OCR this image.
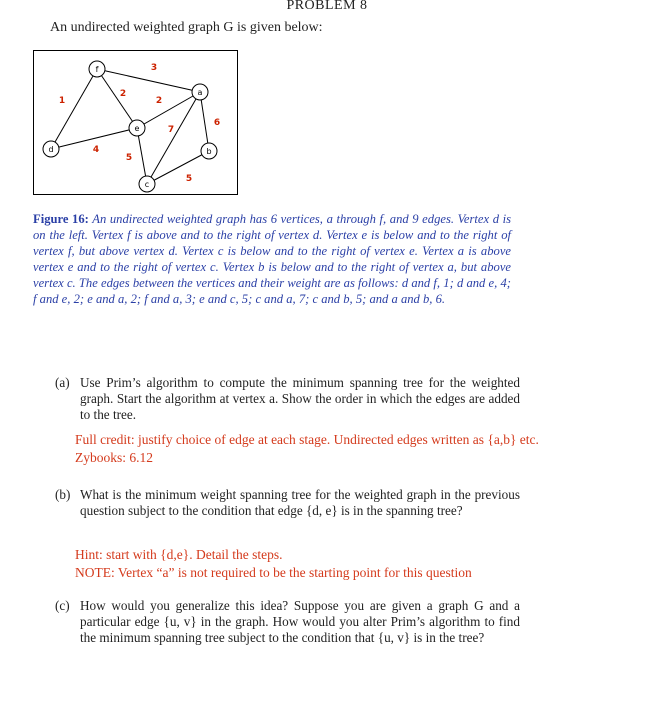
PROBLEM 8
An undirected weighted graph G is given below:
1
4
2
2
3
5
7
5
6
f
a
e
d	b
c
Figure 16: An undirected weighted graph has 6 vertices, a through f, and 9 edges. Vertex d is on the left. Vertex f is above and to the right of vertex d. Vertex e is below and to the right of vertex f, but above vertex d. Vertex c is below and to the right of vertex e. Vertex a is above vertex e and to the right of vertex c. Vertex b is below and to the right of vertex a, but above vertex c. The edges between the vertices and their weight are as follows: d and f, 1; d and e, 4; f and e, 2; e and a, 2; f and a, 3; e and c, 5; c and a, 7; c and b, 5; and a and b, 6.
(a) Use Prim’s algorithm to compute the minimum spanning tree for the weighted graph. Start the algorithm at vertex a. Show the order in which the edges are added to the tree.
Full credit: justify choice of edge at each stage. Undirected edges written as {a,b} etc.
Zybooks: 6.12
(b) What is the minimum weight spanning tree for the weighted graph in the previous question subject to the condition that edge {d, e} is in the spanning tree?
Hint: start with {d,e}. Detail the steps.
NOTE: Vertex “a” is not required to be the starting point for this question
(c) How would you generalize this idea? Suppose you are given a graph G and a particular edge {u, v} in the graph. How would you alter Prim’s algorithm to find the minimum spanning tree subject to the condition that {u, v} is in the tree?
